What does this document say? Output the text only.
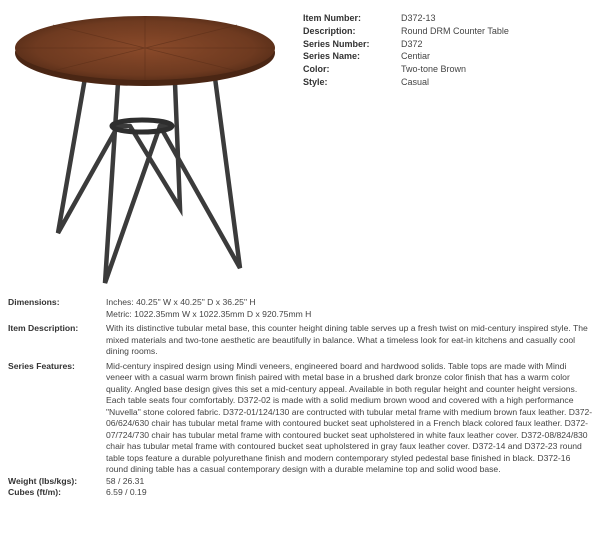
Item Number:	D372-13
Description:	Round DRM Counter Table
Series Number:	D372
Series Name:	Centiar
Color:	Two-tone Brown
Style:	Casual
Dimensions:	Inches: 40.25" W x 40.25" D x 36.25" H
Metric: 1022.35mm W x 1022.35mm D x 920.75mm H
Item Description:	With its distinctive tubular metal base, this counter height dining table serves up a fresh twist on mid-century inspired style. The mixed materials and two-tone aesthetic are beautifully in balance. What a timeless look for eat-in kitchens and casually cool dining rooms.
Series Features:	Mid-century inspired design using Mindi veneers, engineered board and hardwood solids. Table tops are made with Mindi veneer with a casual warm brown finish paired with metal base in a brushed dark bronze color finish that has a warm color quality. Angled base design gives this set a mid-century appeal. Available in both regular height and counter height versions. Each table seats four comfortably. D372-02 is made with a solid medium brown wood and covered with a high performance "Nuvella" stone colored fabric. D372-01/124/130 are contructed with tubular metal frame with medium brown faux leather. D372-06/624/630 chair has tubular metal frame with contoured bucket seat upholstered in a French black colored faux leather. D372-07/724/730 chair has tubular metal frame with contoured bucket seat upholstered in white faux leather cover. D372-08/824/830 chair has tubular metal frame with contoured bucket seat upholstered in gray faux leather cover. D372-14 and D372-23 round table tops feature a durable polyurethane finish and modern contemporary styled pedestal base finished in black. D372-16 round dining table has a casual contemporary design with a durable melamine top and solid wood base.
Weight (lbs/kgs):	58 / 26.31
Cubes (ft/m):	6.59 / 0.19
